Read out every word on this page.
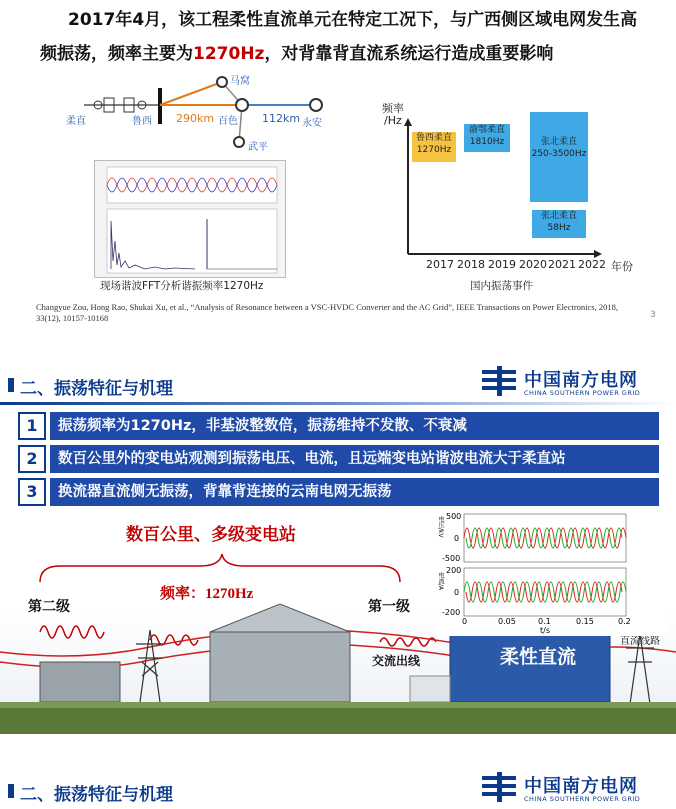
2017年4月，该工程柔性直流单元在特定工况下，与广西侧区域电网发生高
频振荡，频率主要为1270Hz，对背靠背直流系统运行造成重要影响
柔直	鲁西
马窝
百色	永安
武平
290km	112km
现场谐波FFT分析谐振频率1270Hz
频率
/Hz
鲁西柔直
1270Hz
渝鄂柔直
1810Hz	张北柔直
250-3500Hz
张北柔直
58Hz
2017 2018 2019 2020 2021 2022 年份
国内振荡事件
Changyue Zou, Hong Rao, Shukai Xu, et al., “Analysis of Resonance between a VSC-HVDC Converter and the AC Grid”, IEEE Transactions on Power Electronics, 2018,
33(12), 10157-10168	3
二、振荡特征与机理	中国南方电网
CHINA SOUTHERN POWER GRID
1	振荡频率为1270Hz，非基波整数倍，振荡维持不发散、不衰减
2	数百公里外的变电站观测到振荡电压、电流，且远端变电站谐波电流大于柔直站
3	换流器直流侧无振荡，背靠背连接的云南电网无振荡
数百公里、多级变电站
频率：1270Hz
第二级	第一级
交流出线
直流线路
柔性直流
500
0
-500
200
0
-200
电压/kV
电流/A
0	0.05	0.1	0.15	0.2
t/s
二、振荡特征与机理	中国南方电网
CHINA SOUTHERN POWER GRID
